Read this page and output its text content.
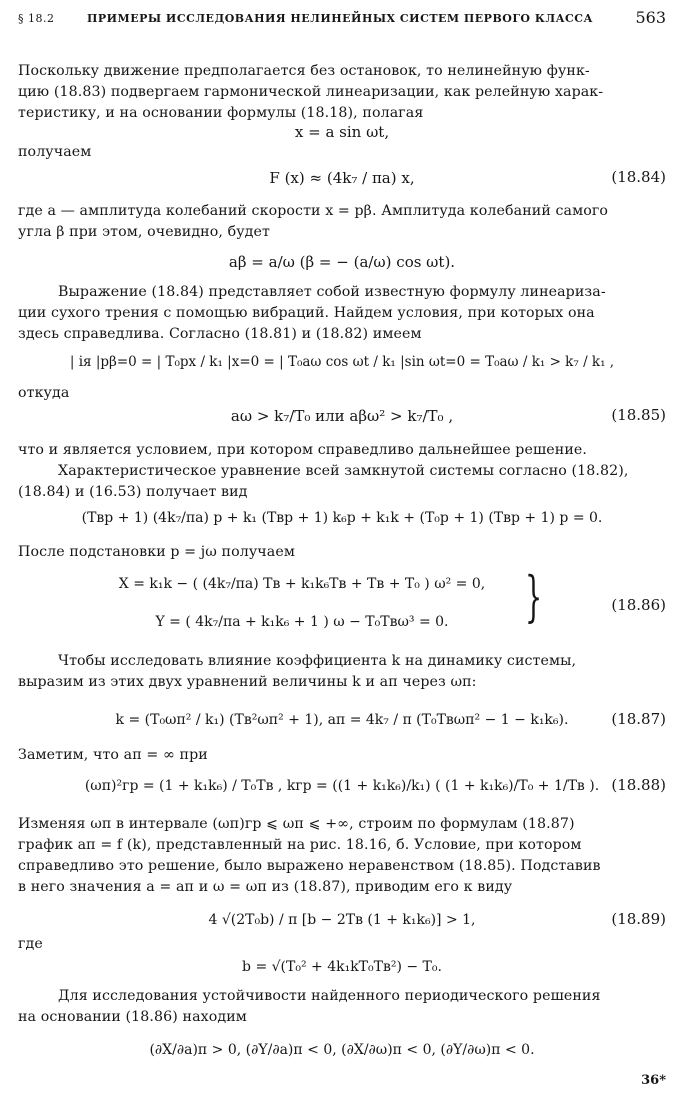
§ 18.2	ПРИМЕРЫ ИССЛЕДОВАНИЯ НЕЛИНЕЙНЫХ СИСТЕМ ПЕРВОГО КЛАССА	563
Поскольку движение предполагается без остановок, то нелинейную функ-
цию (18.83) подвергаем гармонической линеаризации, как релейную харак-
теристику, и на основании формулы (18.18), полагая
x = a sin ωt,
получаем
F (x) ≈ (4k₇ / πa) x,	(18.84)
где a — амплитуда колебаний скорости x = pβ. Амплитуда колебаний самого
угла β при этом, очевидно, будет
aβ = a/ω (β = − (a/ω) cos ωt).
Выражение (18.84) представляет собой известную формулу линеаризa-
ции сухого трения с помощью вибраций. Найдем условия, при которых она
здесь справедлива. Согласно (18.81) и (18.82) имеем
| iя |pβ=0 = | T₀px / k₁ |x=0 = | T₀aω cos ωt / k₁ |sin ωt=0 = T₀aω / k₁ > k₇ / k₁ ,
откуда
aω > k₇/T₀ или aβω² > k₇/T₀ ,	(18.85)
что и является условием, при котором справедливо дальнейшее решение.
Характеристическое уравнение всей замкнутой системы согласно (18.82),
(18.84) и (16.53) получает вид
(Tвp + 1) (4k₇/πa) p + k₁ (Tвp + 1) k₆p + k₁k + (T₀p + 1) (Tвp + 1) p = 0.
После подстановки p = jω получаем
X = k₁k − ( (4k₇/πa) Tв + k₁k₆Tв + Tв + T₀ ) ω² = 0,
Y = ( 4k₇/πa + k₁k₆ + 1 ) ω − T₀Tвω³ = 0.	}	(18.86)
Чтобы исследовать влияние коэффициента k на динамику системы,
выразим из этих двух уравнений величины k и aп через ωп:
k = (T₀ωп² / k₁) (Tв²ωп² + 1), aп = 4k₇ / π (T₀Tвωп² − 1 − k₁k₆).	(18.87)
Заметим, что aп = ∞ при
(ωп)²гр = (1 + k₁k₆) / T₀Tв , kгр = ((1 + k₁k₆)/k₁) ( (1 + k₁k₆)/T₀ + 1/Tв ). (18.88)
Изменяя ωп в интервале (ωп)гр ⩽ ωп ⩽ +∞, строим по формулам (18.87)
график aп = f (k), представленный на рис. 18.16, б. Условие, при котором
справедливо это решение, было выражено неравенством (18.85). Подставив
в него значения a = aп и ω = ωп из (18.87), приводим его к виду
4 √(2T₀b) / π [b − 2Tв (1 + k₁k₆)] > 1,	(18.89)
где
b = √(T₀² + 4k₁kT₀Tв²) − T₀.
Для исследования устойчивости найденного периодического решения
на основании (18.86) находим
(∂X/∂a)п > 0, (∂Y/∂a)п < 0, (∂X/∂ω)п < 0, (∂Y/∂ω)п < 0.
36*
